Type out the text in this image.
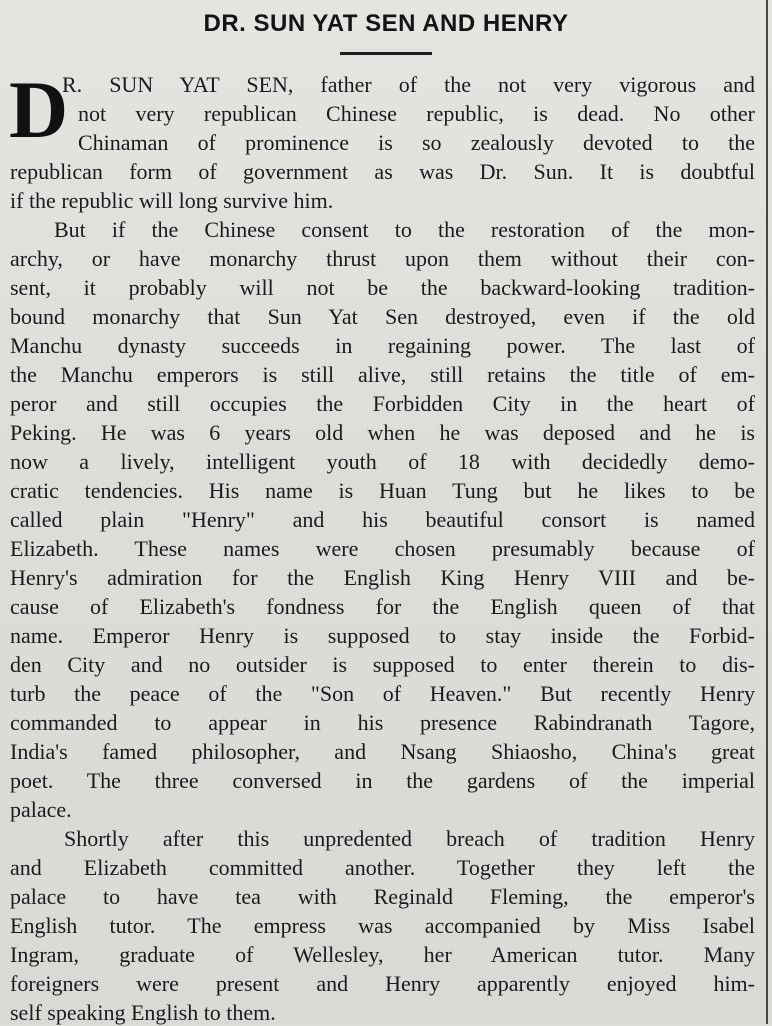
DR. SUN YAT SEN AND HENRY
D
R. SUN YAT SEN, father of the not very vigorous and
not very republican Chinese republic, is dead. No other
Chinaman of prominence is so zealously devoted to the
republican form of government as was Dr. Sun. It is doubtful
if the republic will long survive him.
But if the Chinese consent to the restoration of the mon-
archy, or have monarchy thrust upon them without their con-
sent, it probably will not be the backward-looking tradition-
bound monarchy that Sun Yat Sen destroyed, even if the old
Manchu dynasty succeeds in regaining power. The last of
the Manchu emperors is still alive, still retains the title of em-
peror and still occupies the Forbidden City in the heart of
Peking. He was 6 years old when he was deposed and he is
now a lively, intelligent youth of 18 with decidedly demo-
cratic tendencies. His name is Huan Tung but he likes to be
called plain "Henry" and his beautiful consort is named
Elizabeth. These names were chosen presumably because of
Henry's admiration for the English King Henry VIII and be-
cause of Elizabeth's fondness for the English queen of that
name. Emperor Henry is supposed to stay inside the Forbid-
den City and no outsider is supposed to enter therein to dis-
turb the peace of the "Son of Heaven." But recently Henry
commanded to appear in his presence Rabindranath Tagore,
India's famed philosopher, and Nsang Shiaosho, China's great
poet. The three conversed in the gardens of the imperial
palace.
Shortly after this unpredented breach of tradition Henry
and Elizabeth committed another. Together they left the
palace to have tea with Reginald Fleming, the emperor's
English tutor. The empress was accompanied by Miss Isabel
Ingram, graduate of Wellesley, her American tutor. Many
foreigners were present and Henry apparently enjoyed him-
self speaking English to them.
